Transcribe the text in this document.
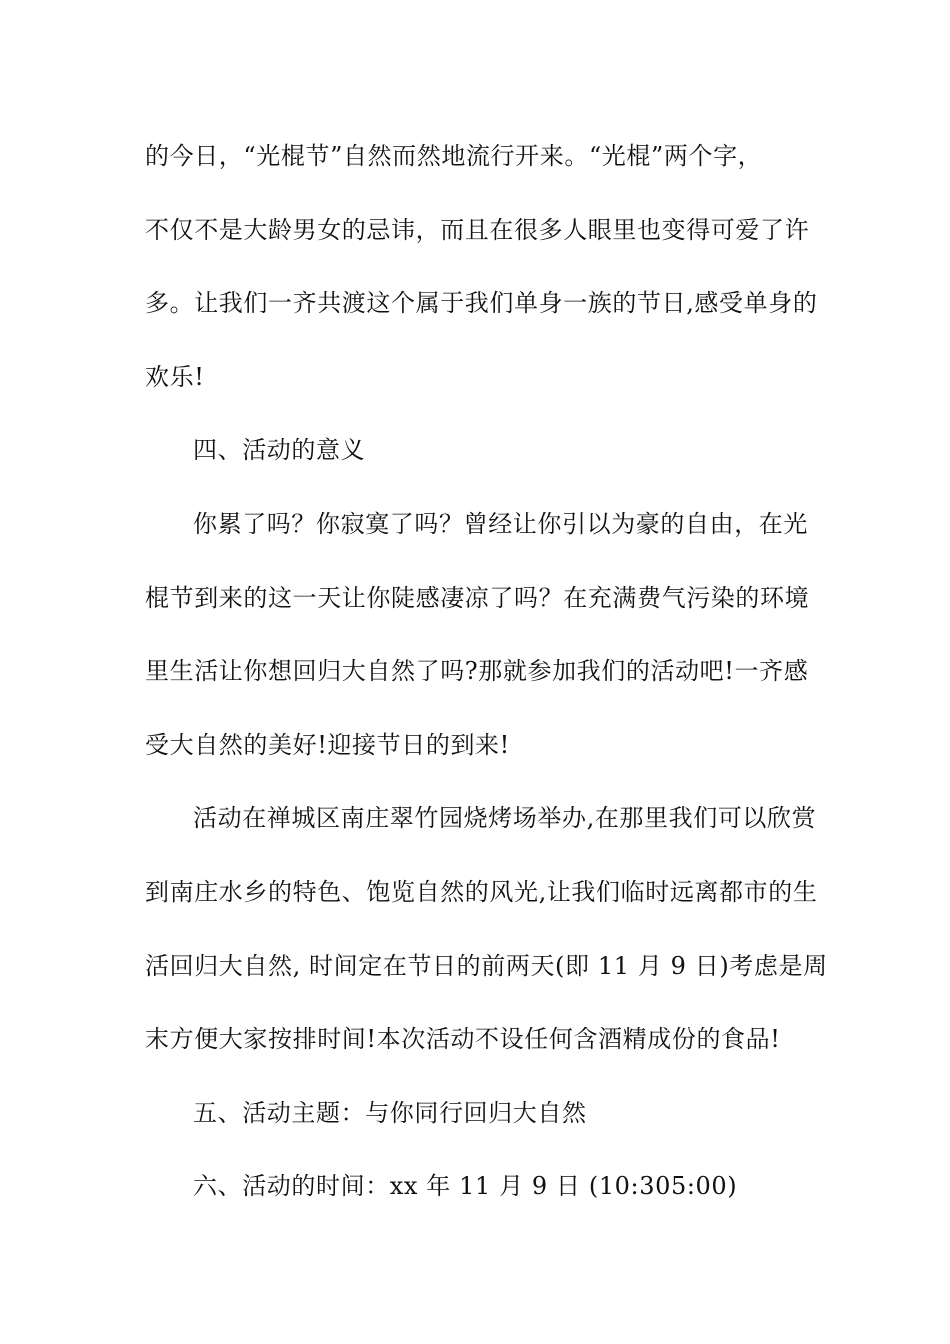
的今日，“光棍节”自然而然地流行开来。“光棍”两个字，
不仅不是大龄男女的忌讳，而且在很多人眼里也变得可爱了许
多。让我们一齐共渡这个属于我们单身一族的节日,感受单身的
欢乐!
四、活动的意义
你累了吗？你寂寞了吗？曾经让你引以为豪的自由，在光
棍节到来的这一天让你陡感凄凉了吗？在充满费气污染的环境
里生活让你想回归大自然了吗?那就参加我们的活动吧!一齐感
受大自然的美好!迎接节日的到来!
活动在禅城区南庄翠竹园烧烤场举办,在那里我们可以欣赏
到南庄水乡的特色、饱览自然的风光,让我们临时远离都市的生
活回归大自然, 时间定在节日的前两天(即 11 月 9 日)考虑是周
末方便大家按排时间!本次活动不设任何含酒精成份的食品!
五、活动主题：与你同行回归大自然
六、活动的时间：xx 年 11 月 9 日 (10:305:00)
